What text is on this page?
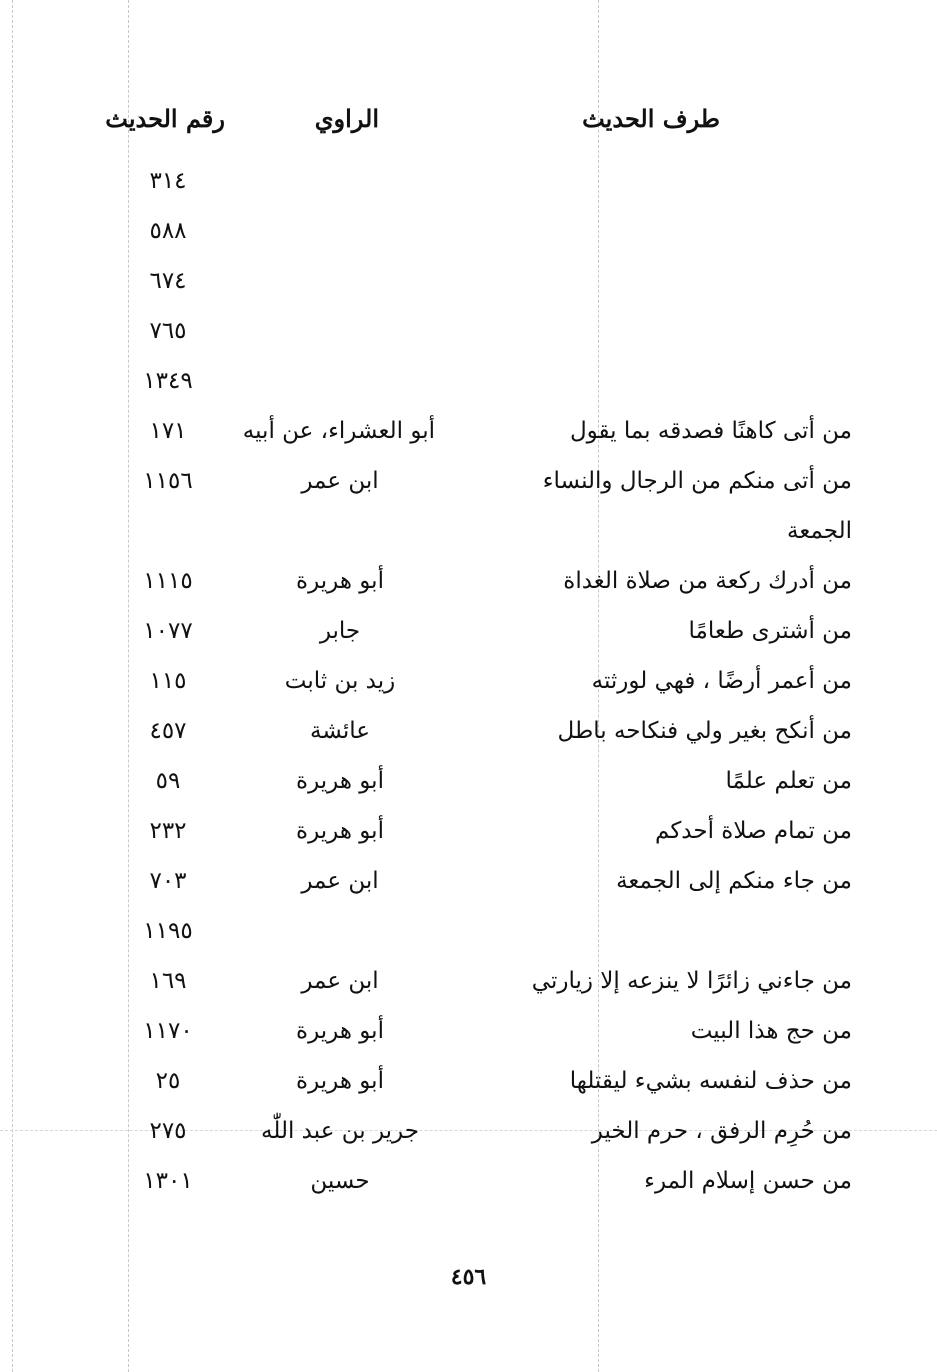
طرف الحديث
الراوي
رقم الحديث
٣١٤
٥٨٨
٦٧٤
٧٦٥
١٣٤٩
من أتى كاهنًا فصدقه بما يقول
أبو العشراء، عن أبيه
١٧١
من أتى منكم من الرجال والنساء
ابن عمر
١١٥٦
الجمعة
من أدرك ركعة من صلاة الغداة
أبو هريرة
١١١٥
من أشترى طعامًا
جابر
١٠٧٧
من أعمر أرضًا ، فهي لورثته
زيد بن ثابت
١١٥
من أنكح بغير ولي فنكاحه باطل
عائشة
٤٥٧
من تعلم علمًا
أبو هريرة
٥٩
من تمام صلاة أحدكم
أبو هريرة
٢٣٢
من جاء منكم إلى الجمعة
ابن عمر
٧٠٣
١١٩٥
من جاءني زائرًا لا ينزعه إلا زيارتي
ابن عمر
١٦٩
من حج هذا البيت
أبو هريرة
١١٧٠
من حذف لنفسه بشيء ليقتلها
أبو هريرة
٢٥
من حُرِم الرفق ، حرم الخير
جرير بن عبد اللّٰه
٢٧٥
من حسن إسلام المرء
حسين
١٣٠١
٤٥٦
